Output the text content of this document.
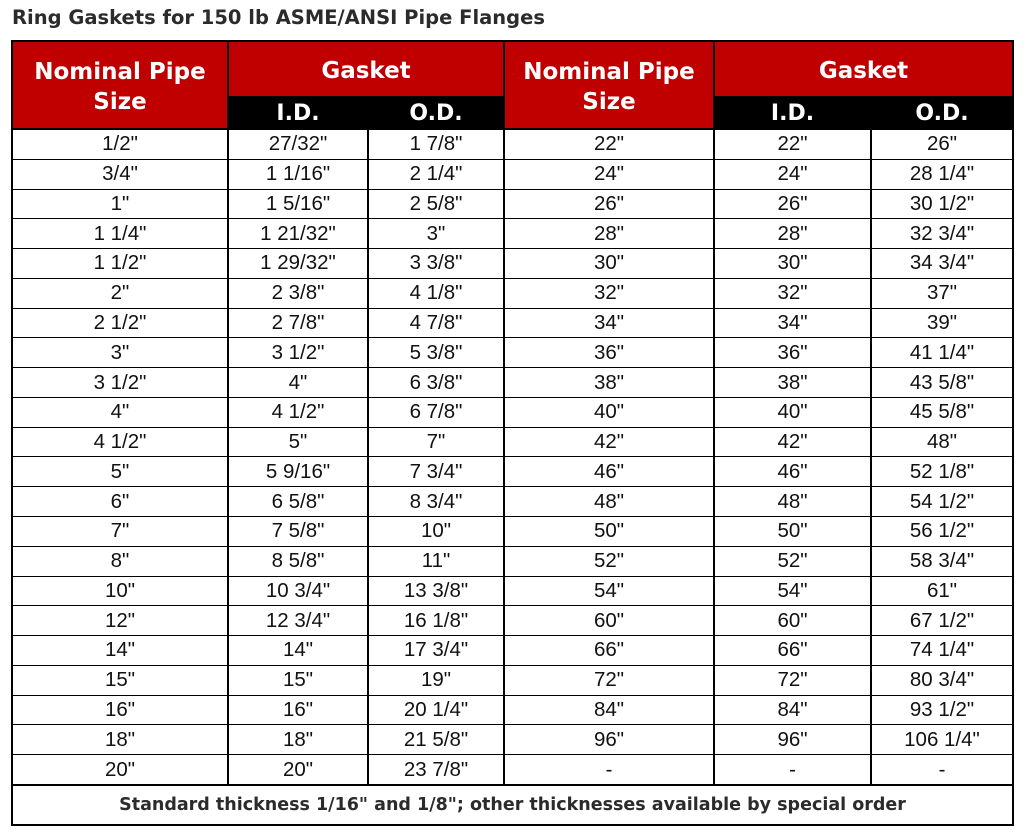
Ring Gaskets for 150 lb ASME/ANSI Pipe Flanges
Nominal Pipe Size	Gasket		Nominal Pipe Size	Gasket	
	I.D.	O.D.		I.D.	O.D.
1/2"	27/32"	1 7/8"	22"	22"	26"
3/4"	1 1/16"	2 1/4"	24"	24"	28 1/4"
1"	1 5/16"	2 5/8"	26"	26"	30 1/2"
1 1/4"	1 21/32"	3"	28"	28"	32 3/4"
1 1/2"	1 29/32"	3 3/8"	30"	30"	34 3/4"
2"	2 3/8"	4 1/8"	32"	32"	37"
2 1/2"	2 7/8"	4 7/8"	34"	34"	39"
3"	3 1/2"	5 3/8"	36"	36"	41 1/4"
3 1/2"	4"	6 3/8"	38"	38"	43 5/8"
4"	4 1/2"	6 7/8"	40"	40"	45 5/8"
4 1/2"	5"	7"	42"	42"	48"
5"	5 9/16"	7 3/4"	46"	46"	52 1/8"
6"	6 5/8"	8 3/4"	48"	48"	54 1/2"
7"	7 5/8"	10"	50"	50"	56 1/2"
8"	8 5/8"	11"	52"	52"	58 3/4"
10"	10 3/4"	13 3/8"	54"	54"	61"
12"	12 3/4"	16 1/8"	60"	60"	67 1/2"
14"	14"	17 3/4"	66"	66"	74 1/4"
15"	15"	19"	72"	72"	80 3/4"
16"	16"	20 1/4"	84"	84"	93 1/2"
18"	18"	21 5/8"	96"	96"	106 1/4"
20"	20"	23 7/8"	-	-	-
Standard thickness 1/16" and 1/8"; other thicknesses available by special order					
